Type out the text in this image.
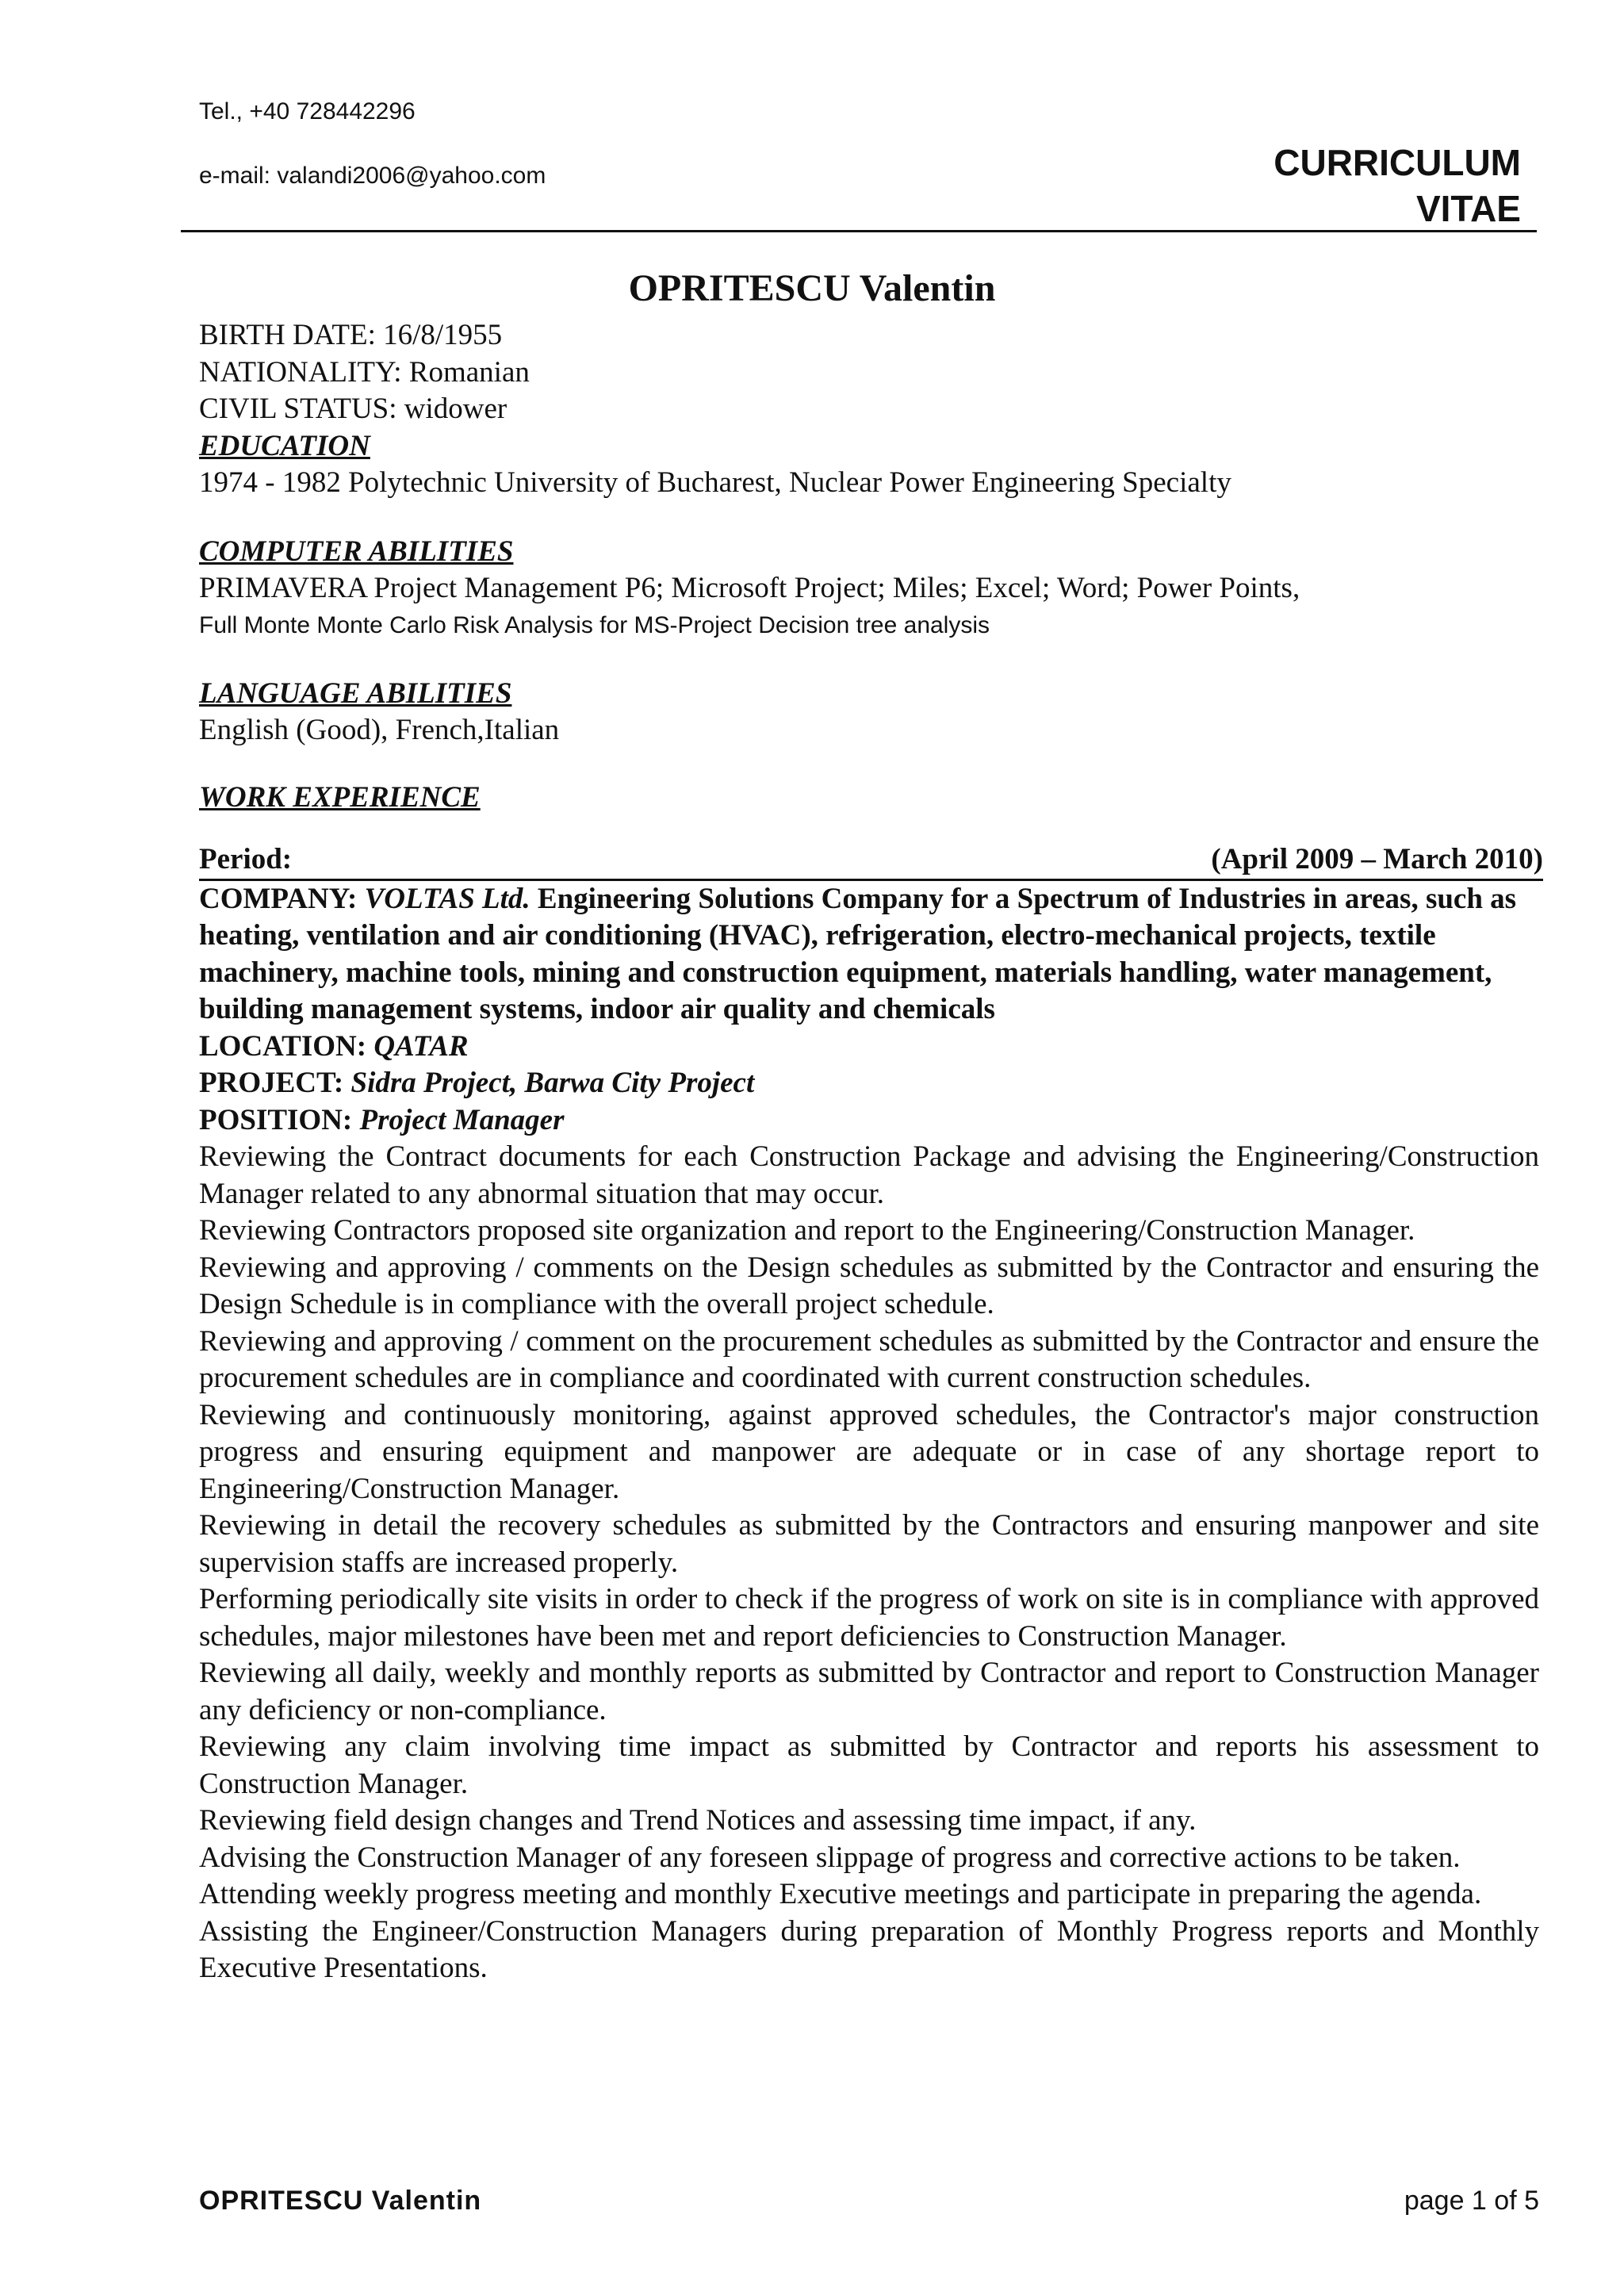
Tel., +40 728442296
e-mail: valandi2006@yahoo.com	CURRICULUM
VITAE
OPRITESCU Valentin

BIRTH DATE: 16/8/1955

NATIONALITY: Romanian

CIVIL STATUS: widower

EDUCATION

1974 - 1982 Polytechnic University of Bucharest, Nuclear Power Engineering Specialty

COMPUTER ABILITIES

PRIMAVERA Project Management P6; Microsoft Project; Miles; Excel; Word; Power Points,

Full Monte Monte Carlo Risk Analysis for MS-Project Decision tree analysis

LANGUAGE ABILITIES

English (Good), French,Italian

WORK EXPERIENCE

Period:	(April 2009 – March 2010)

COMPANY: VOLTAS Ltd. Engineering Solutions Company for a Spectrum of Industries in areas, such as heating, ventilation and air conditioning (HVAC), refrigeration, electro-mechanical projects, textile machinery, machine tools, mining and construction equipment, materials handling, water management, building management systems, indoor air quality and chemicals

LOCATION: QATAR

PROJECT: Sidra Project, Barwa City Project

POSITION: Project Manager

Reviewing the Contract documents for each Construction Package and advising the Engineering/Construction Manager related to any abnormal situation that may occur.

Reviewing Contractors proposed site organization and report to the Engineering/Construction Manager.

Reviewing and approving / comments on the Design schedules as submitted by the Contractor and ensuring the Design Schedule is in compliance with the overall project schedule.

Reviewing and approving / comment on the procurement schedules as submitted by the Contractor and ensure the procurement schedules are in compliance and coordinated with current construction schedules.

Reviewing and continuously monitoring, against approved schedules, the Contractor's major construction progress and ensuring equipment and manpower are adequate or in case of any shortage report to Engineering/Construction Manager.

Reviewing in detail the recovery schedules as submitted by the Contractors and ensuring manpower and site supervision staffs are increased properly.

Performing periodically site visits in order to check if the progress of work on site is in compliance with approved schedules, major milestones have been met and report deficiencies to Construction Manager.

Reviewing all daily, weekly and monthly reports as submitted by Contractor and report to Construction Manager any deficiency or non-compliance.

Reviewing any claim involving time impact as submitted by Contractor and reports his assessment to Construction Manager.

Reviewing field design changes and Trend Notices and assessing time impact, if any.

Advising the Construction Manager of any foreseen slippage of progress and corrective actions to be taken.

Attending weekly progress meeting and monthly Executive meetings and participate in preparing the agenda.

Assisting the Engineer/Construction Managers during preparation of Monthly Progress reports and Monthly Executive Presentations.

OPRITESCU Valentin	page 1 of 5
